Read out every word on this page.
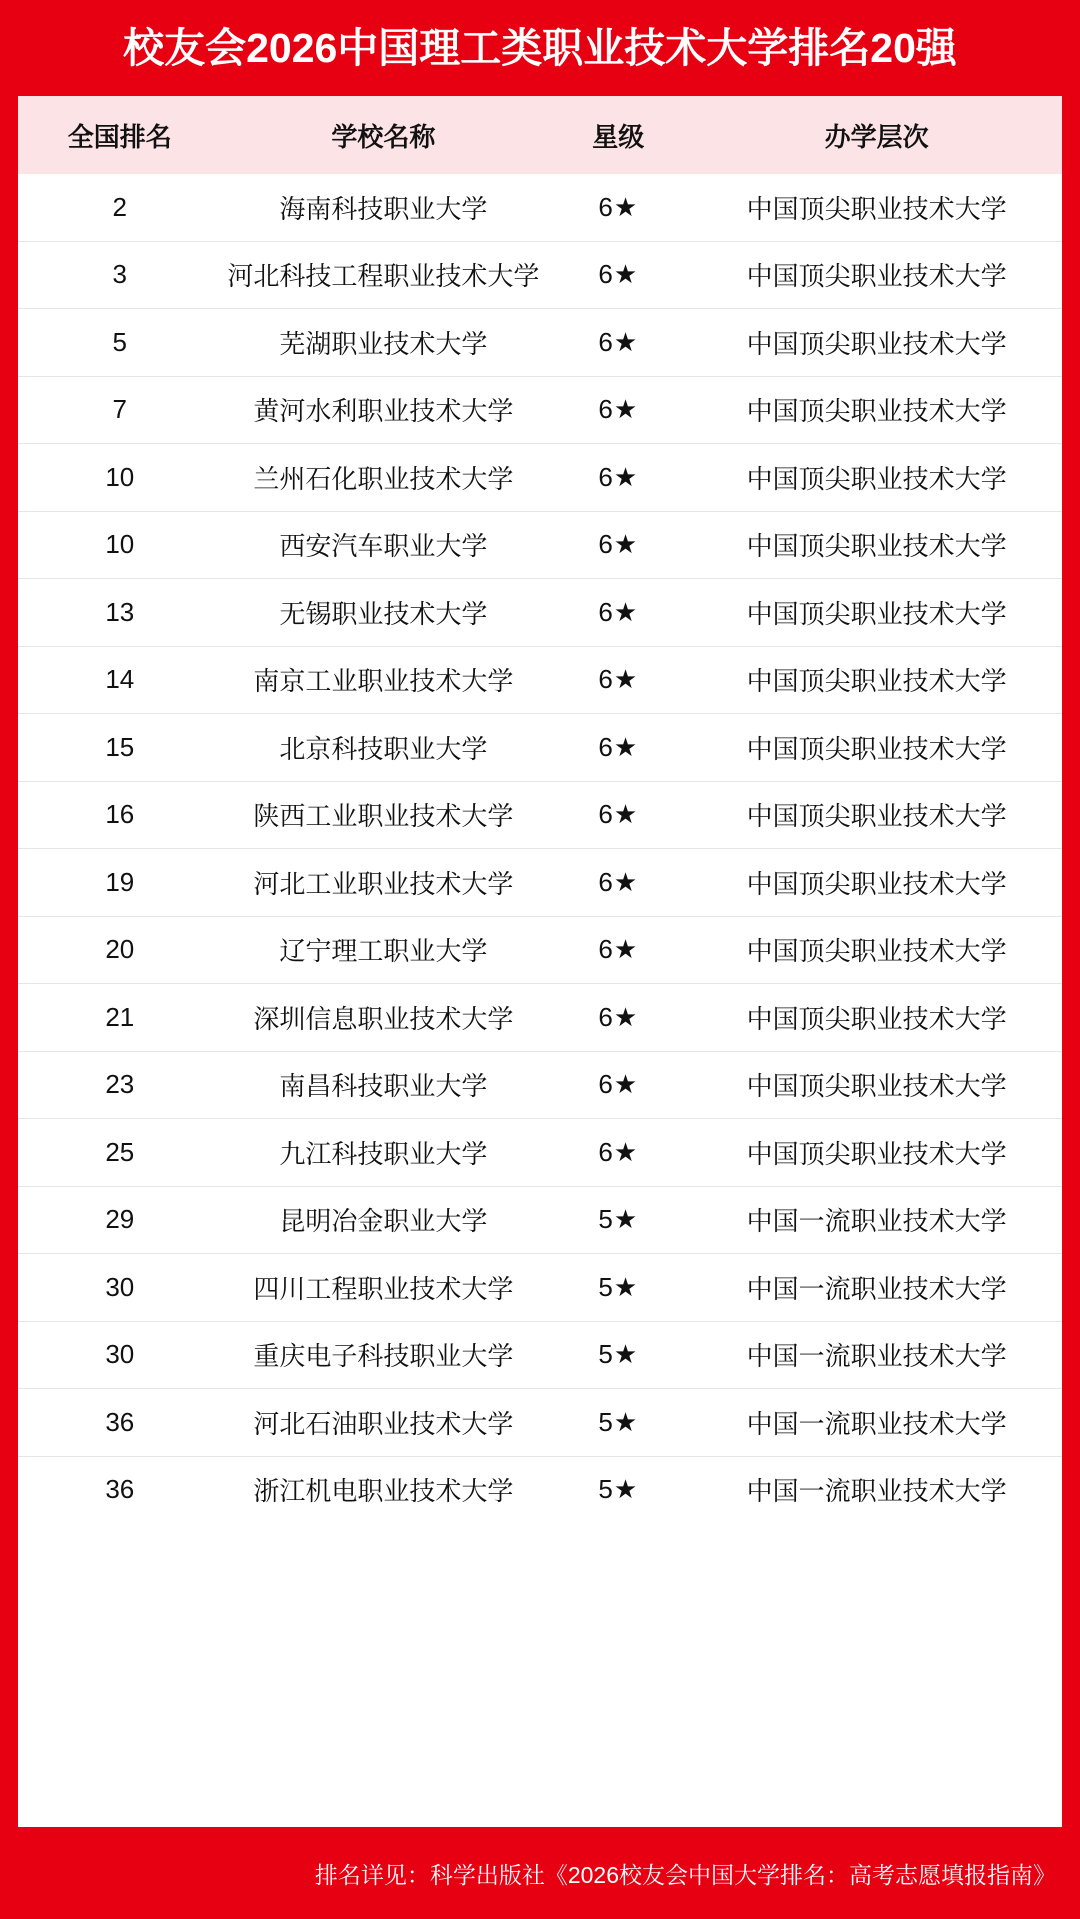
校友会2026中国理工类职业技术大学排名20强
全国排名	学校名称	星级	办学层次
2	海南科技职业大学	6★	中国顶尖职业技术大学
3	河北科技工程职业技术大学	6★	中国顶尖职业技术大学
5	芜湖职业技术大学	6★	中国顶尖职业技术大学
7	黄河水利职业技术大学	6★	中国顶尖职业技术大学
10	兰州石化职业技术大学	6★	中国顶尖职业技术大学
10	西安汽车职业大学	6★	中国顶尖职业技术大学
13	无锡职业技术大学	6★	中国顶尖职业技术大学
14	南京工业职业技术大学	6★	中国顶尖职业技术大学
15	北京科技职业大学	6★	中国顶尖职业技术大学
16	陕西工业职业技术大学	6★	中国顶尖职业技术大学
19	河北工业职业技术大学	6★	中国顶尖职业技术大学
20	辽宁理工职业大学	6★	中国顶尖职业技术大学
21	深圳信息职业技术大学	6★	中国顶尖职业技术大学
23	南昌科技职业大学	6★	中国顶尖职业技术大学
25	九江科技职业大学	6★	中国顶尖职业技术大学
29	昆明冶金职业大学	5★	中国一流职业技术大学
30	四川工程职业技术大学	5★	中国一流职业技术大学
30	重庆电子科技职业大学	5★	中国一流职业技术大学
36	河北石油职业技术大学	5★	中国一流职业技术大学
36	浙江机电职业技术大学	5★	中国一流职业技术大学
排名详见：科学出版社《2026校友会中国大学排名：高考志愿填报指南》
